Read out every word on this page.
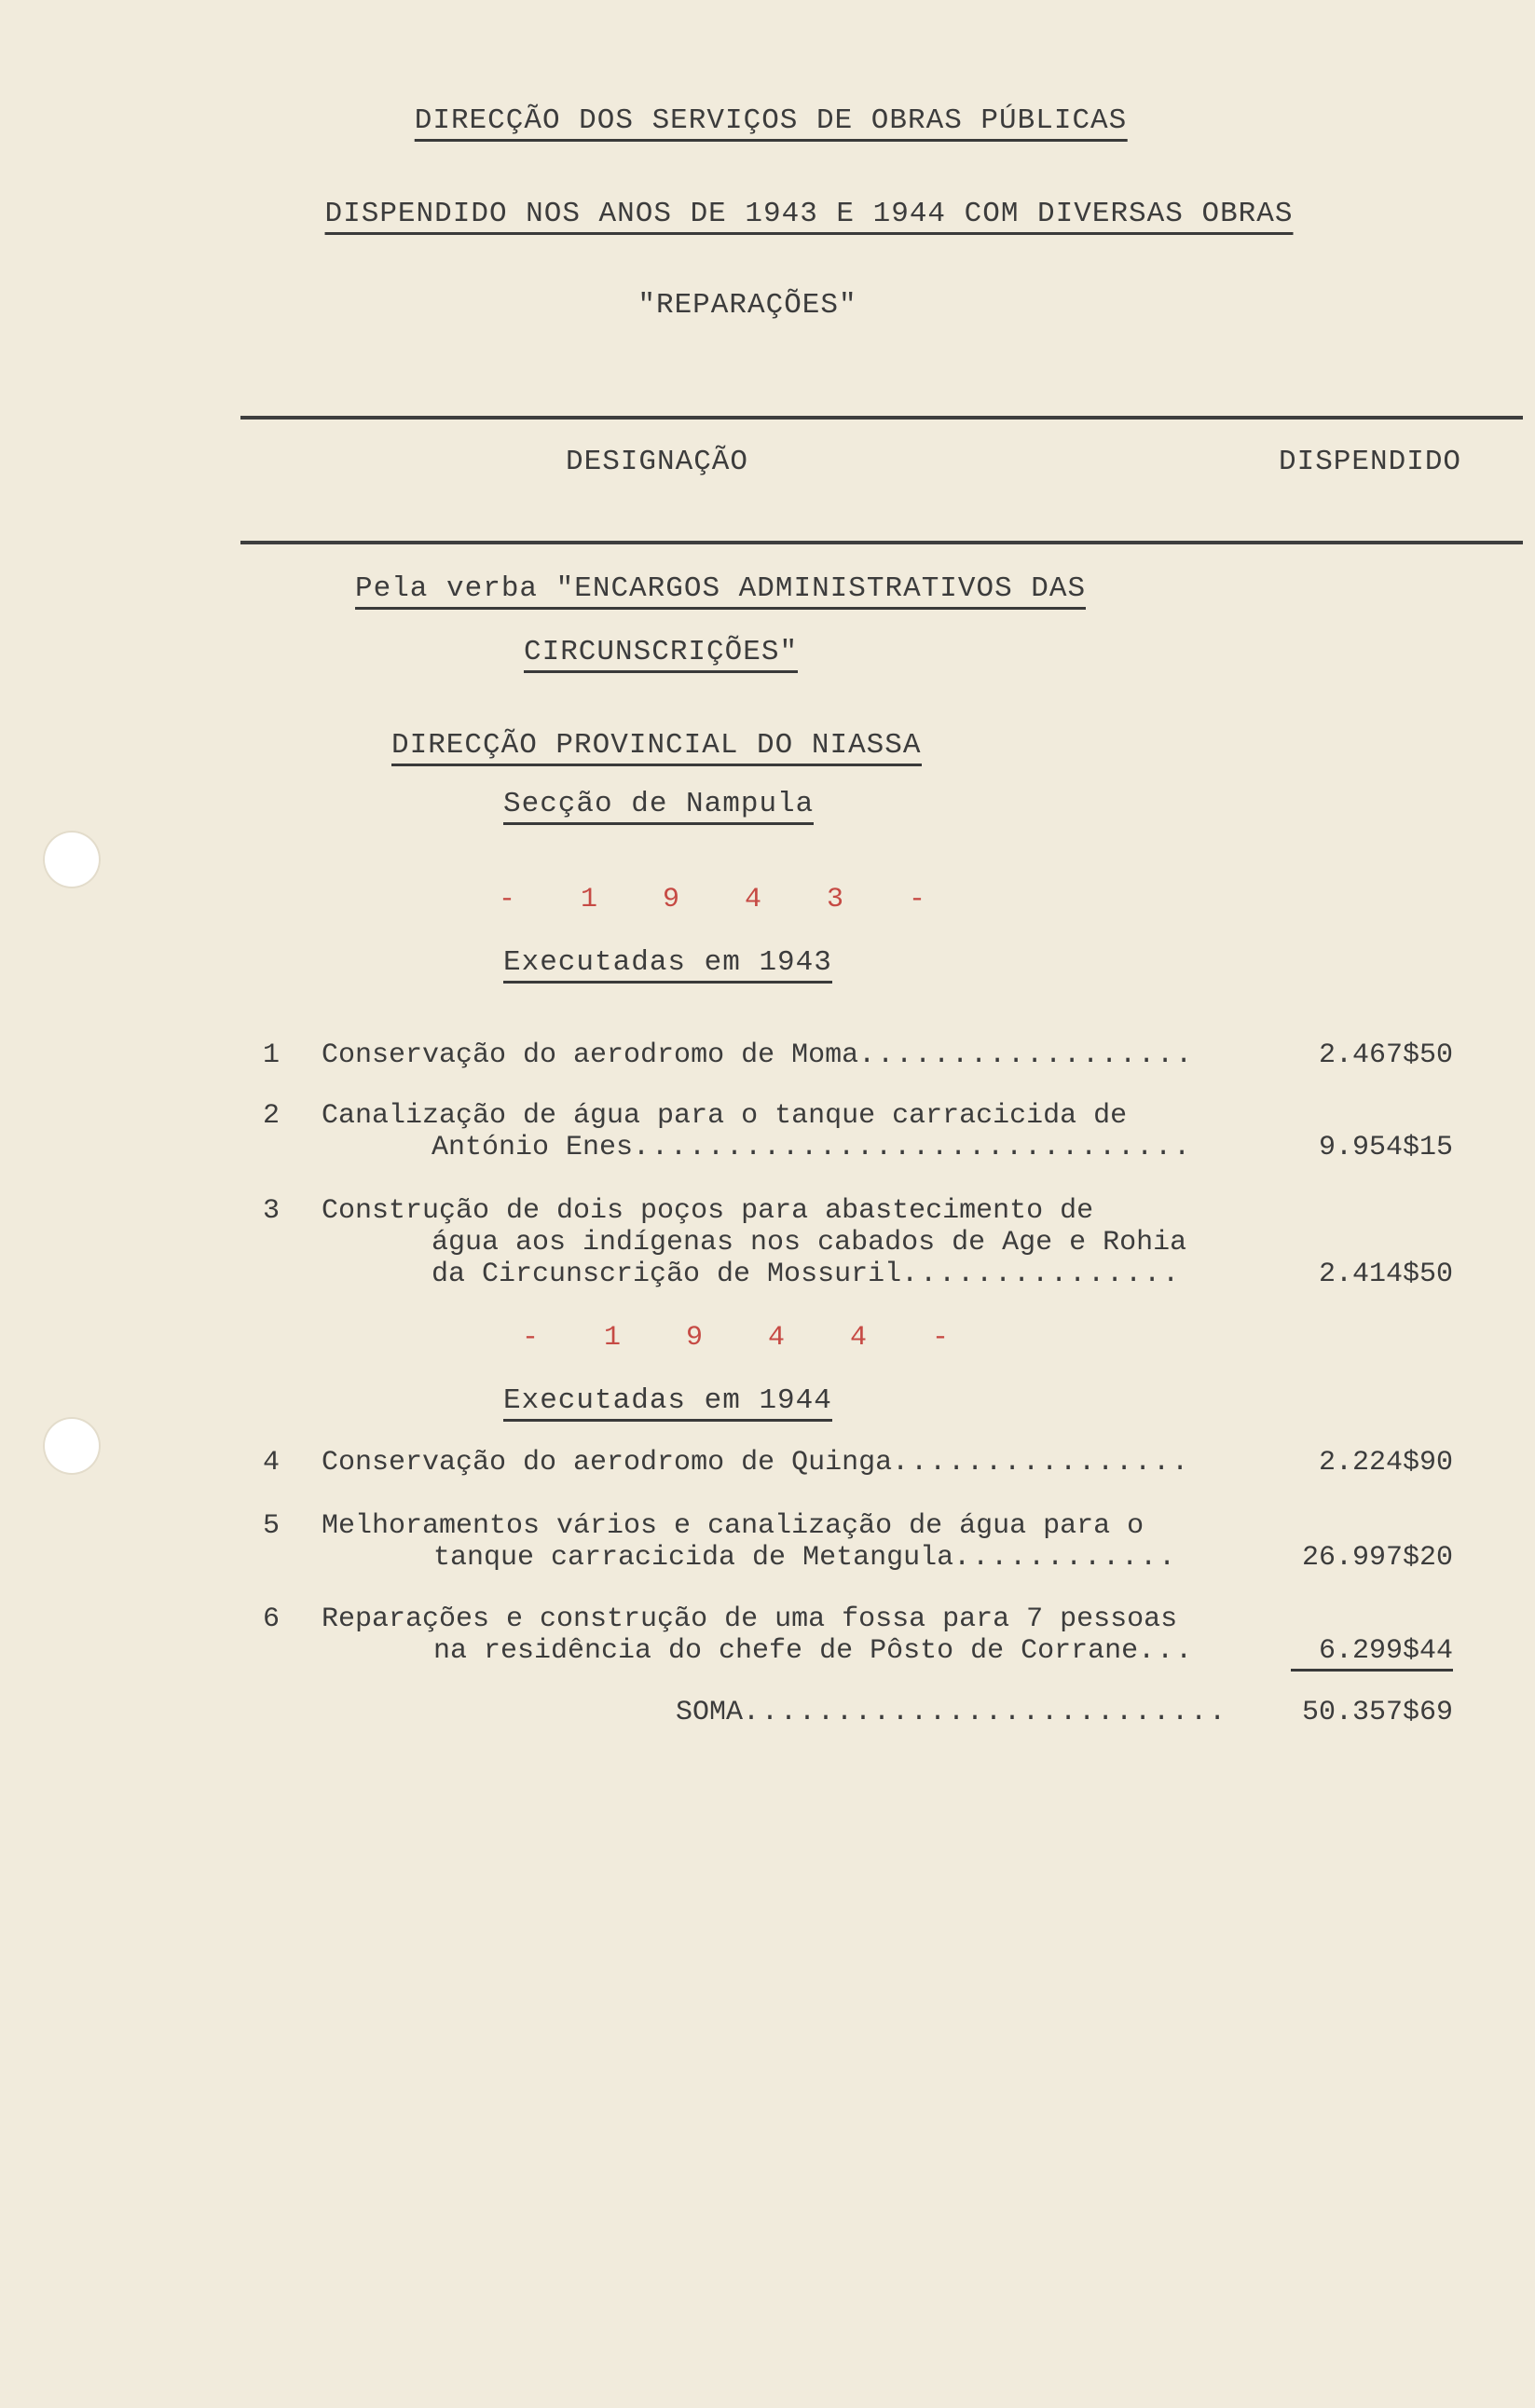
DIRECÇÃO DOS SERVIÇOS DE OBRAS PÚBLICAS
DISPENDIDO NOS ANOS DE 1943 E 1944 COM DIVERSAS OBRAS
"REPARAÇÕES"
DESIGNAÇÃO	DISPENDIDO
Pela verba "ENCARGOS ADMINISTRATIVOS DAS
CIRCUNSCRIÇÕES"
DIRECÇÃO PROVINCIAL DO NIASSA
Secção de Nampula
- 1 9 4 3 -
Executadas em 1943
1 Conservação do aerodromo de Moma..................	2.467$50
2 Canalização de água para o tanque carracicida de
António Enes..............................	9.954$15
3 Construção de dois poços para abastecimento de
água aos indígenas nos cabados de Age e Rohia
da Circunscrição de Mossuril...............	2.414$50
- 1 9 4 4 -
Executadas em 1944
4 Conservação do aerodromo de Quinga................	2.224$90
5 Melhoramentos vários e canalização de água para o
tanque carracicida de Metangula............	26.997$20
6 Reparações e construção de uma fossa para 7 pessoas
na residência do chefe de Pôsto de Corrane...	6.299$44
SOMA..........................	50.357$69
